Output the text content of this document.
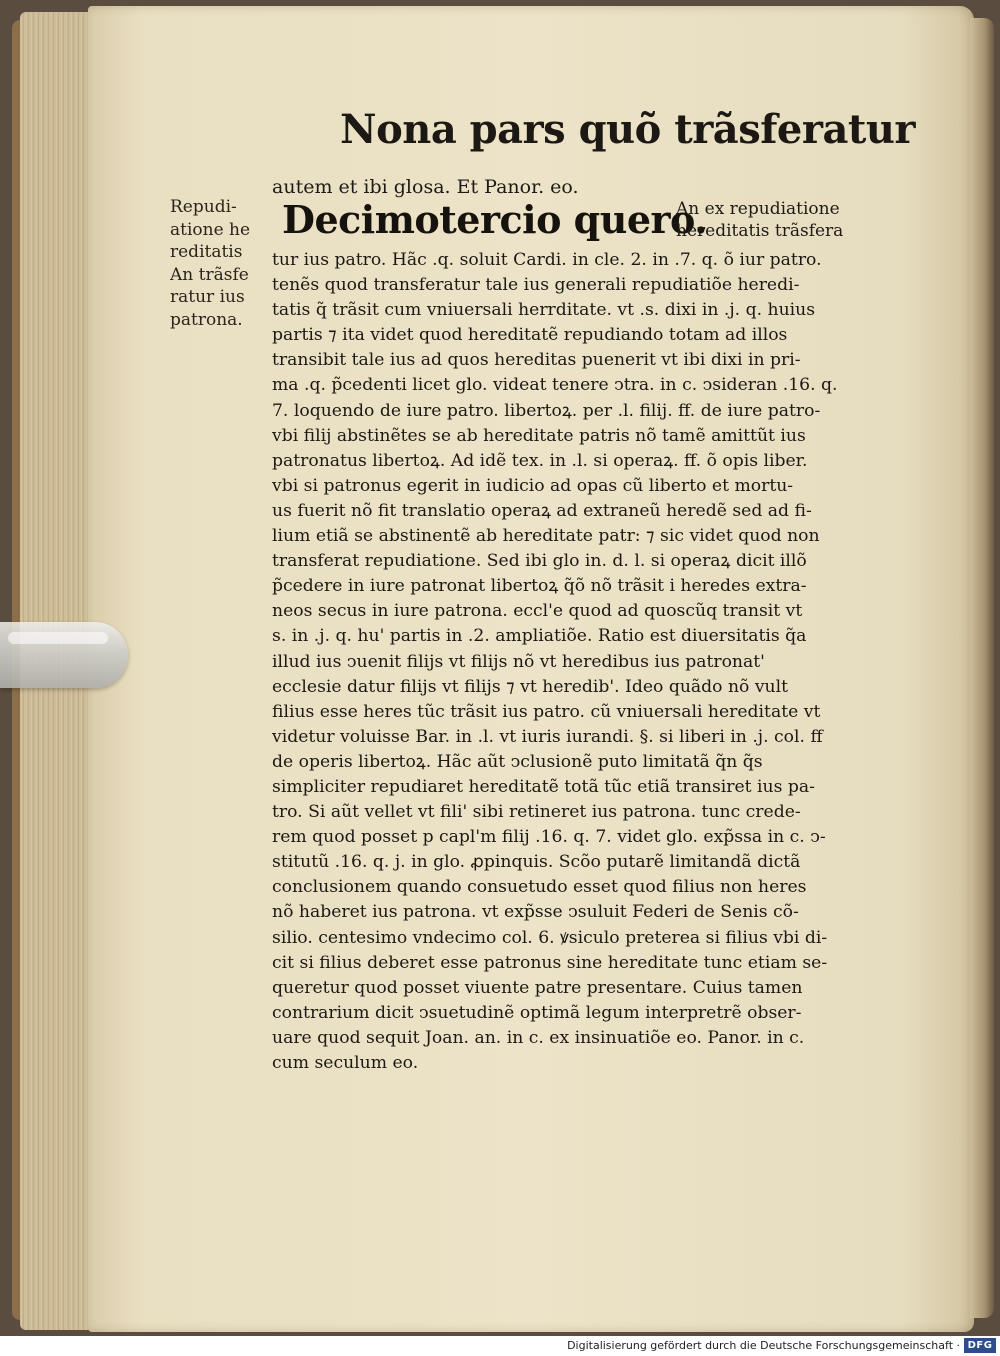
Nona pars quõ trãsferatur
autem et ibi glosa. Et Panor. eo.
Repudi‑
atione he
reditatis
An trãsfe
ratur ius
patrona.
Decimotercio quero.
An ex repudiatione
hereditatis trãsfera
tur ius patro. Hãc .q. soluit Cardi. in cle. 2. in .7. q. õ iur patro.
tenẽs quod transferatur tale ius generali repudiatiõe heredi‑
tatis q̃ trãsit cum vniuersali herrditate. vt .s. dixi in .j. q. huius
partis ⁊ ita videt quod hereditatẽ repudiando totam ad illos
transibit tale ius ad quos hereditas puenerit vt ibi dixi in pri‑
ma .q. p̃cedenti licet glo. videat tenere ↄtra. in c. ↄsideran .16. q.
7. loquendo de iure patro. libertoꝝ. per .l. filij. ff. de iure patro‑
vbi filij abstinẽtes se ab hereditate patris nõ tamẽ amittũt ius
patronatus libertoꝝ. Ad idẽ tex. in .l. si operaꝝ. ff. õ opis liber.
vbi si patronus egerit in iudicio ad opas cũ liberto et mortu‑
us fuerit nõ fit translatio operaꝝ ad extraneũ heredẽ sed ad fi‑
lium etiã se abstinentẽ ab hereditate patr: ⁊ sic videt quod non
transferat repudiatione. Sed ibi glo in. d. l. si operaꝝ dicit illõ
p̃cedere in iure patronat libertoꝝ q̃õ nõ trãsit i heredes extra‑
neos secus in iure patrona. eccl'e quod ad quoscũq transit vt
s. in .j. q. hu' partis in .2. ampliatiõe. Ratio est diuersitatis q̃a
illud ius ↄuenit filijs vt filijs nõ vt heredibus ius patronat'
ecclesie datur filijs vt filijs ⁊ vt heredib'. Ideo quãdo nõ vult
filius esse heres tũc trãsit ius patro. cũ vniuersali hereditate vt
videtur voluisse Bar. in .l. vt iuris iurandi. §. si liberi in .j. col. ff
de operis libertoꝝ. Hãc aũt ↄclusionẽ puto limitatã q̃n q̃s
simpliciter repudiaret hereditatẽ totã tũc etiã transiret ius pa‑
tro. Si aũt vellet vt fili' sibi retineret ius patrona. tunc crede‑
rem quod posset p capl'm filij .16. q. 7. videt glo. exp̃ssa in c. ↄ‑
stitutũ .16. q. j. in glo. ꝓpinquis. Scõo putarẽ limitandã dictã
conclusionem quando consuetudo esset quod filius non heres
nõ haberet ius patrona. vt exp̃sse ↄsuluit Federi de Senis cõ‑
silio. centesimo vndecimo col. 6. ꝟsiculo preterea si filius vbi di‑
cit si filius deberet esse patronus sine hereditate tunc etiam se‑
queretur quod posset viuente patre presentare. Cuius tamen
contrarium dicit ↄsuetudinẽ optimã legum interpretrẽ obser‑
uare quod sequit Joan. an. in c. ex insinuatiõe eo. Panor. in c.
cum seculum eo.
Digitalisierung gefördert durch die Deutsche Forschungsgemeinschaft · DFG
